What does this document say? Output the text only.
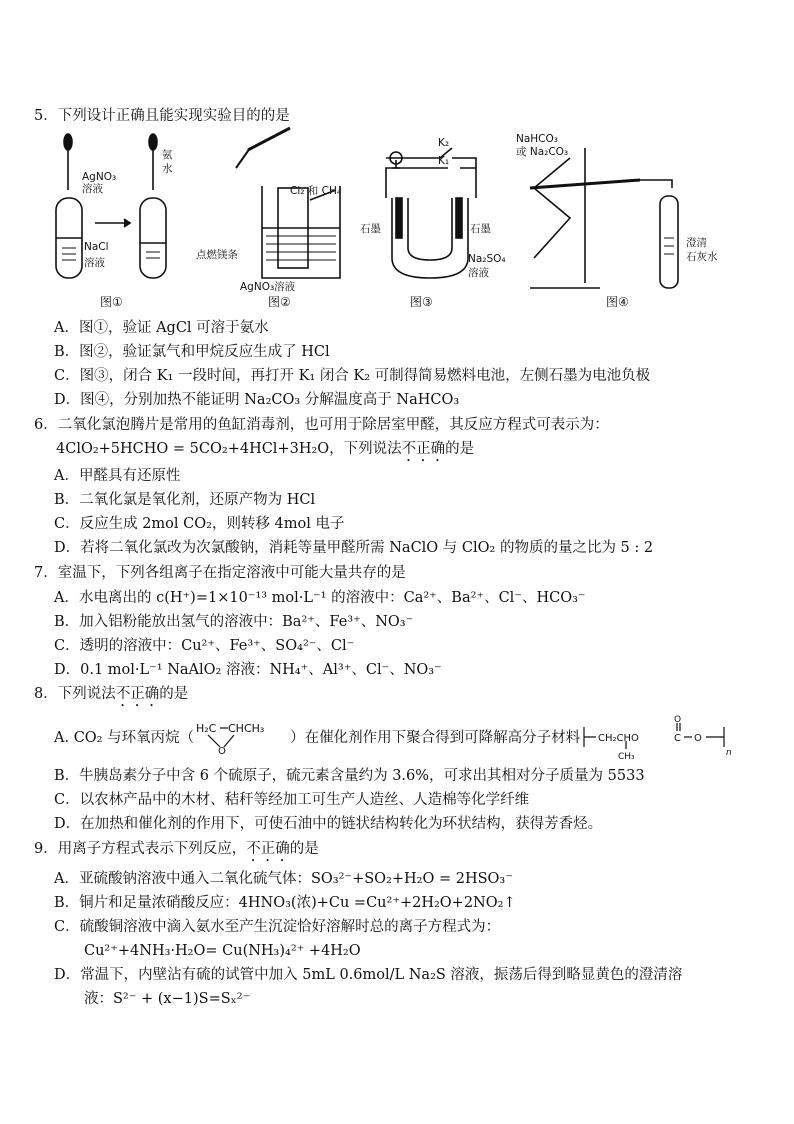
5．下列设计正确且能实现实验目的的是
AgNO₃
溶液
氨
水
NaCl
溶液
图①
Cl₂ 和 CH₄
点燃镁条
AgNO₃溶液
图②
K₂
K₁
石墨	石墨
Na₂SO₄
溶液
图③
NaHCO₃
或 Na₂CO₃
澄清
石灰水
图④
A．图①，验证 AgCl 可溶于氨水
B．图②，验证氯气和甲烷反应生成了 HCl
C．图③，闭合 K₁ 一段时间，再打开 K₁ 闭合 K₂ 可制得简易燃料电池，左侧石墨为电池负极
D．图④，分别加热不能证明 Na₂CO₃ 分解温度高于 NaHCO₃
6．二氧化氯泡腾片是常用的鱼缸消毒剂，也可用于除居室甲醛，其反应方程式可表示为：
4ClO₂+5HCHO = 5CO₂+4HCl+3H₂O，下列说法不正确的是
A．甲醛具有还原性
B．二氧化氯是氧化剂，还原产物为 HCl
C．反应生成 2mol CO₂，则转移 4mol 电子
D．若将二氧化氯改为次氯酸钠，消耗等量甲醛所需 NaClO 与 ClO₂ 的物质的量之比为 5 : 2
7．室温下，下列各组离子在指定溶液中可能大量共存的是
A．水电离出的 c(H⁺)=1×10⁻¹³ mol·L⁻¹ 的溶液中：Ca²⁺、Ba²⁺、Cl⁻、HCO₃⁻
B．加入铝粉能放出氢气的溶液中：Ba²⁺、Fe³⁺、NO₃⁻
C．透明的溶液中：Cu²⁺、Fe³⁺、SO₄²⁻、Cl⁻
D．0.1 mol·L⁻¹ NaAlO₂ 溶液：NH₄⁺、Al³⁺、Cl⁻、NO₃⁻
8．下列说法不正确的是
A. CO₂ 与环氧丙烷（
H₂C CHCH₃
O
）在催化剂作用下聚合得到可降解高分子材料 CH₂CHO	C
O
O
CH₃	n
B．牛胰岛素分子中含 6 个硫原子，硫元素含量约为 3.6%，可求出其相对分子质量为 5533
C．以农林产品中的木材、秸秆等经加工可生产人造丝、人造棉等化学纤维
D．在加热和催化剂的作用下，可使石油中的链状结构转化为环状结构，获得芳香烃。
9．用离子方程式表示下列反应，不正确的是
A．亚硫酸钠溶液中通入二氧化硫气体：SO₃²⁻+SO₂+H₂O = 2HSO₃⁻
B．铜片和足量浓硝酸反应：4HNO₃(浓)+Cu =Cu²⁺+2H₂O+2NO₂↑
C．硫酸铜溶液中滴入氨水至产生沉淀恰好溶解时总的离子方程式为：
Cu²⁺+4NH₃·H₂O= Cu(NH₃)₄²⁺ +4H₂O
D．常温下，内壁沾有硫的试管中加入 5mL 0.6mol/L Na₂S 溶液，振荡后得到略显黄色的澄清溶
液：S²⁻ + (x−1)S=Sₓ²⁻
